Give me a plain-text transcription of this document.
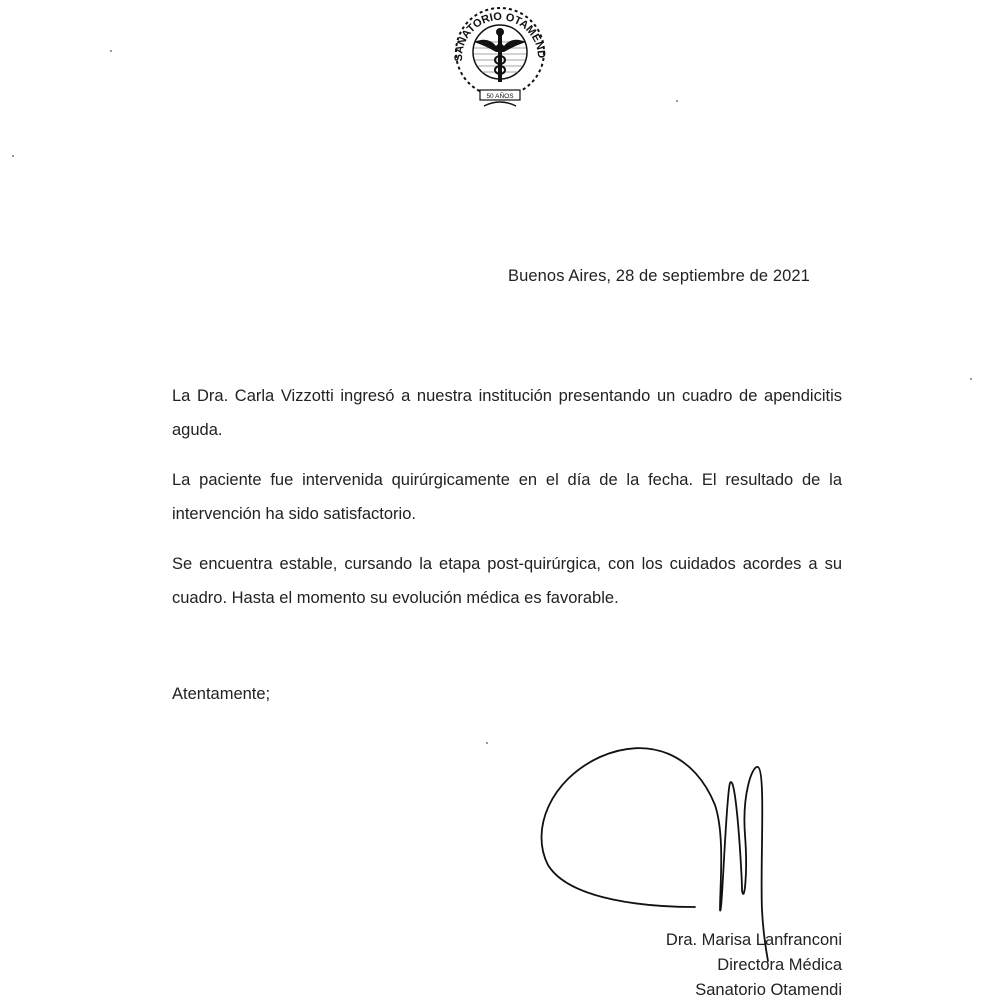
SANATORIO OTAMEND
50 AÑOS
Buenos Aires, 28 de septiembre de 2021
La Dra. Carla Vizzotti ingresó a nuestra institución presentando un cuadro de apendicitis aguda.
La paciente fue intervenida quirúrgicamente en el día de la fecha. El resultado de la intervención ha sido satisfactorio.
Se encuentra estable, cursando la etapa post-quirúrgica, con los cuidados acordes a su cuadro. Hasta el momento su evolución médica es favorable.
Atentamente;
Dra. Marisa Lanfranconi
Directora Médica
Sanatorio Otamendi
